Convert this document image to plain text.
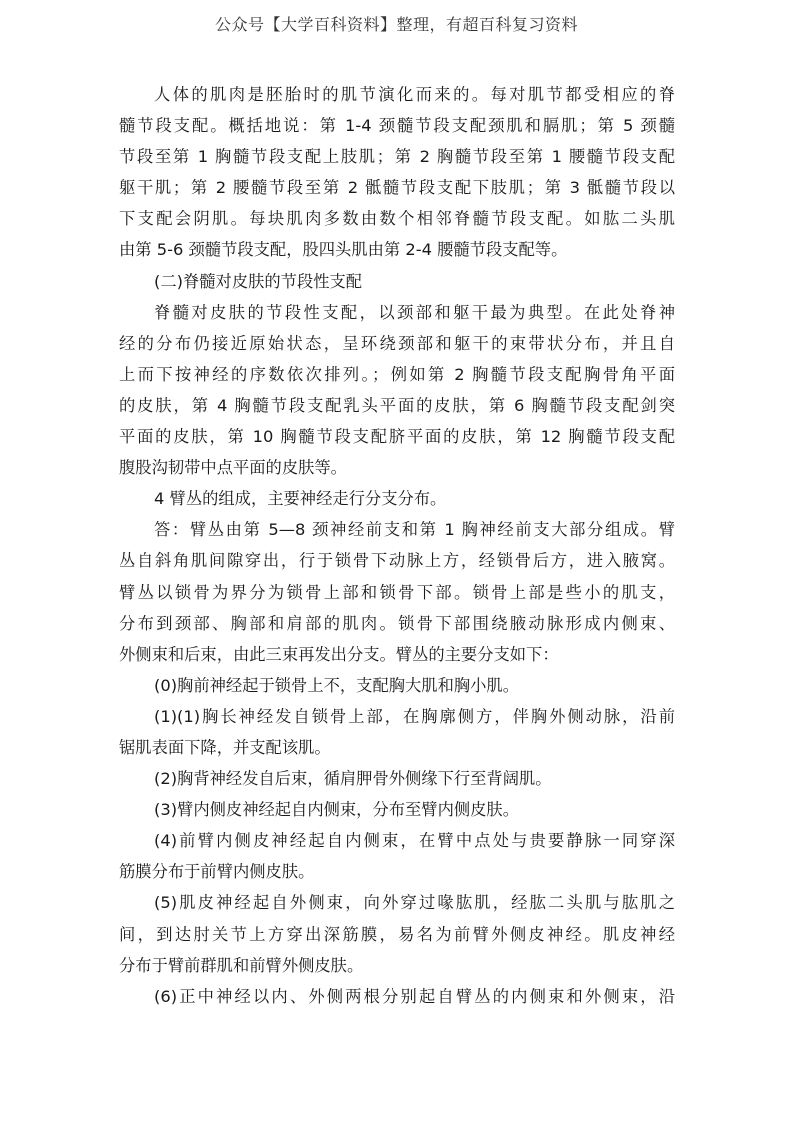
公众号【大学百科资料】整理，有超百科复习资料
人体的肌肉是胚胎时的肌节演化而来的。每对肌节都受相应的脊
髓节段支配。概括地说：第 1-4 颈髓节段支配颈肌和膈肌；第 5 颈髓
节段至第 1 胸髓节段支配上肢肌；第 2 胸髓节段至第 1 腰髓节段支配
躯干肌；第 2 腰髓节段至第 2 骶髓节段支配下肢肌；第 3 骶髓节段以
下支配会阴肌。每块肌肉多数由数个相邻脊髓节段支配。如肱二头肌
由第 5-6 颈髓节段支配，股四头肌由第 2-4 腰髓节段支配等。
(二)脊髓对皮肤的节段性支配
脊髓对皮肤的节段性支配，以颈部和躯干最为典型。在此处脊神
经的分布仍接近原始状态，呈环绕颈部和躯干的束带状分布，并且自
上而下按神经的序数依次排列。；例如第 2 胸髓节段支配胸骨角平面
的皮肤，第 4 胸髓节段支配乳头平面的皮肤，第 6 胸髓节段支配剑突
平面的皮肤，第 10 胸髓节段支配脐平面的皮肤，第 12 胸髓节段支配
腹股沟韧带中点平面的皮肤等。
4 臂丛的组成，主要神经走行分支分布。
答：臂丛由第 5—8 颈神经前支和第 1 胸神经前支大部分组成。臂
丛自斜角肌间隙穿出，行于锁骨下动脉上方，经锁骨后方，进入腋窝。
臂丛以锁骨为界分为锁骨上部和锁骨下部。锁骨上部是些小的肌支，
分布到颈部、胸部和肩部的肌肉。锁骨下部围绕腋动脉形成内侧束、
外侧束和后束，由此三束再发出分支。臂丛的主要分支如下：
(0)胸前神经起于锁骨上不，支配胸大肌和胸小肌。
(1)(1)胸长神经发自锁骨上部，在胸廓侧方，伴胸外侧动脉，沿前
锯肌表面下降，并支配该肌。
(2)胸背神经发自后束，循肩胛骨外侧缘下行至背阔肌。
(3)臂内侧皮神经起自内侧束，分布至臂内侧皮肤。
(4)前臂内侧皮神经起自内侧束，在臂中点处与贵要静脉一同穿深
筋膜分布于前臂内侧皮肤。
(5)肌皮神经起自外侧束，向外穿过喙肱肌，经肱二头肌与肱肌之
间，到达肘关节上方穿出深筋膜，易名为前臂外侧皮神经。肌皮神经
分布于臂前群肌和前臂外侧皮肤。
(6)正中神经以内、外侧两根分别起自臂丛的内侧束和外侧束，沿
